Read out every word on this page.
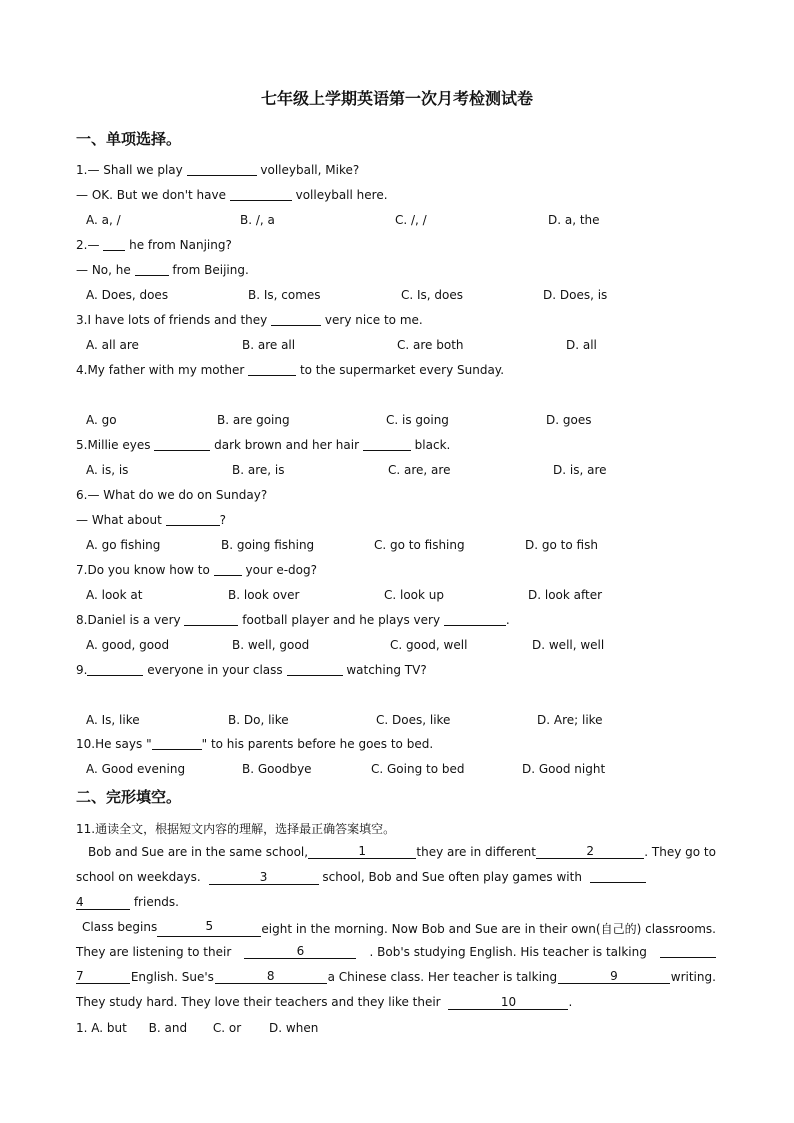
七年级上学期英语第一次月考检测试卷
一、单项选择。
1.— Shall we play	volleyball, Mike?
— OK. But we don't have	volleyball here.
A. a, /	B. /, a	C. /, /	D. a, the
2.— he from Nanjing?
— No, he	from Beijing.
A. Does, does	B. Is, comes	C. Is, does	D. Does, is
3.I have lots of friends and they	very nice to me.
A. all are	B. are all	C. are both	D. all
4.My father with my mother	to the supermarket every Sunday.
A. go	B. are going	C. is going	D. goes
5.Millie eyes	dark brown and her hair	black.
A. is, is	B. are, is	C. are, are	D. is, are
6.— What do we do on Sunday?
— What about	?
A. go fishing	B. going fishing	C. go to fishing	D. go to fish
7.Do you know how to	your e-dog?
A. look at	B. look over	C. look up	D. look after
8.Daniel is a very	football player and he plays very	.
A. good, good	B. well, good	C. good, well	D. well, well
9.	everyone in your class	watching TV?
A. Is, like	B. Do, like	C. Does, like	D. Are; like
10.He says "	" to his parents before he goes to bed.
A. Good evening	B. Goodbye	C. Going to bed	D. Good night
二、完形填空。
11.通读全文，根据短文内容的理解，选择最正确答案填空。
Bob and Sue are in the same school,	1	they are in different	2	. They go to
school on weekdays.	3	school, Bob and Sue often play games with
4	friends.
Class begins	5	eight in the morning. Now Bob and Sue are in their own(自己的) classrooms.
They are listening to their	6	. Bob's studying English. His teacher is talking
7	English. Sue's	8	a Chinese class. Her teacher is talking	9	writing.
They study hard. They love their teachers and they like their	10	.
1. A. but B. and C. or D. when
